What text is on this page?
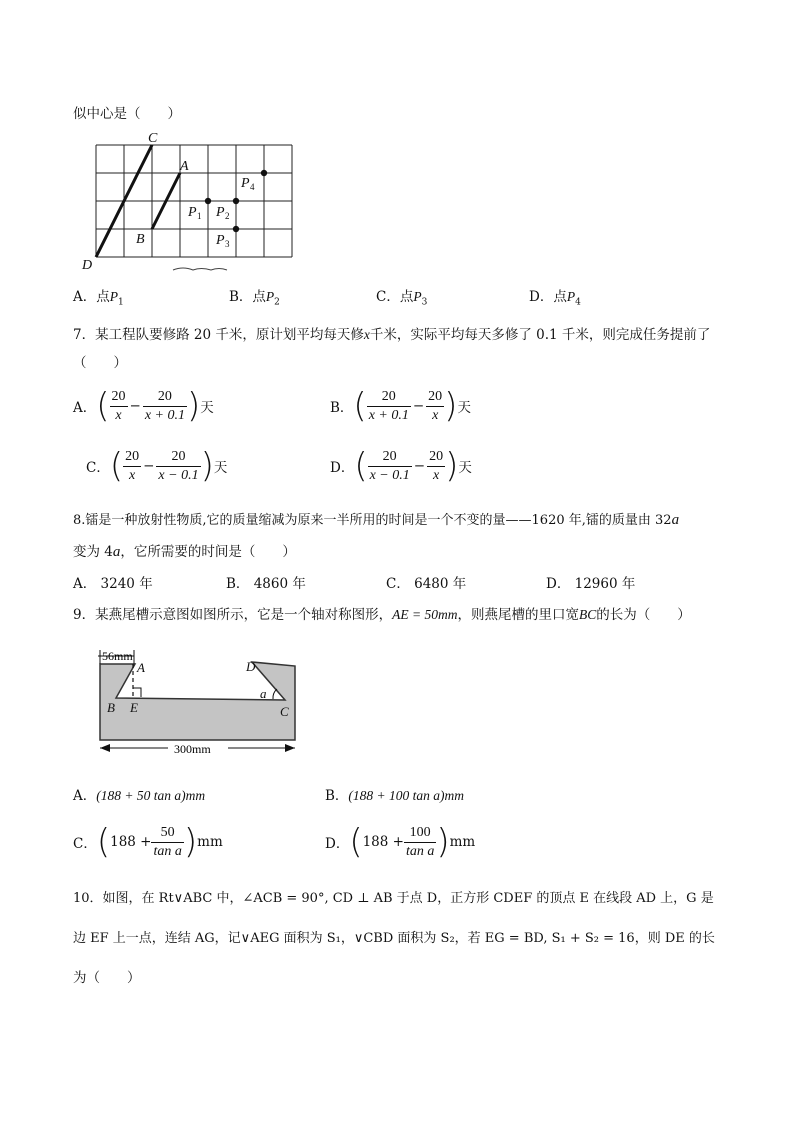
似中心是（　　）
C
A
B
D
P P
P
P
1	2
3
4
A．点$P_1$	B．点$P_2$	C．点$P_3$	D．点$P_4$
7．某工程队要修路 20 千米，原计划平均每天修x千米，实际平均每天多修了 0.1 千米，则完成任务提前了
（　　）
A．( $\frac{20}{x} - \frac{20}{x + 0.1}$ )天	B．( $\frac{20}{x + 0.1} - \frac{20}{x}$ )天
C．( $\frac{20}{x} - \frac{20}{x - 0.1}$ )天	D．( $\frac{20}{x - 0.1} - \frac{20}{x}$ )天
8.镭是一种放射性物质,它的质量缩减为原来一半所用的时间是一个不变的量——1620 年,镭的质量由 32a
变为 4a，它所需要的时间是（　　）
A． 3240 年	B． 4860 年	C． 6480 年	D． 12960 年
9．某燕尾槽示意图如图所示，它是一个轴对称图形，AE = 50mm，则燕尾槽的里口宽BC的长为（　　）
56mm
300mm
A
B E
D
C
a
A．(188 + 50 tan a)mm	B．(188 + 100 tan a)mm
C．$(188 + \frac{50}{\text{tan a}} )mm$	D．$(188 + \frac{100}{\text{tan a}} )mm$
10．如图，在 Rt∨ABC 中，∠ACB = 90°, CD ⊥ AB 于点 D，正方形 CDEF 的顶点 E 在线段 AD 上，G 是
边 EF 上一点，连结 AG，记∨AEG 面积为 S₁，∨CBD 面积为 S₂，若 EG = BD, S₁ + S₂ = 16，则 DE 的长
为（　　）
